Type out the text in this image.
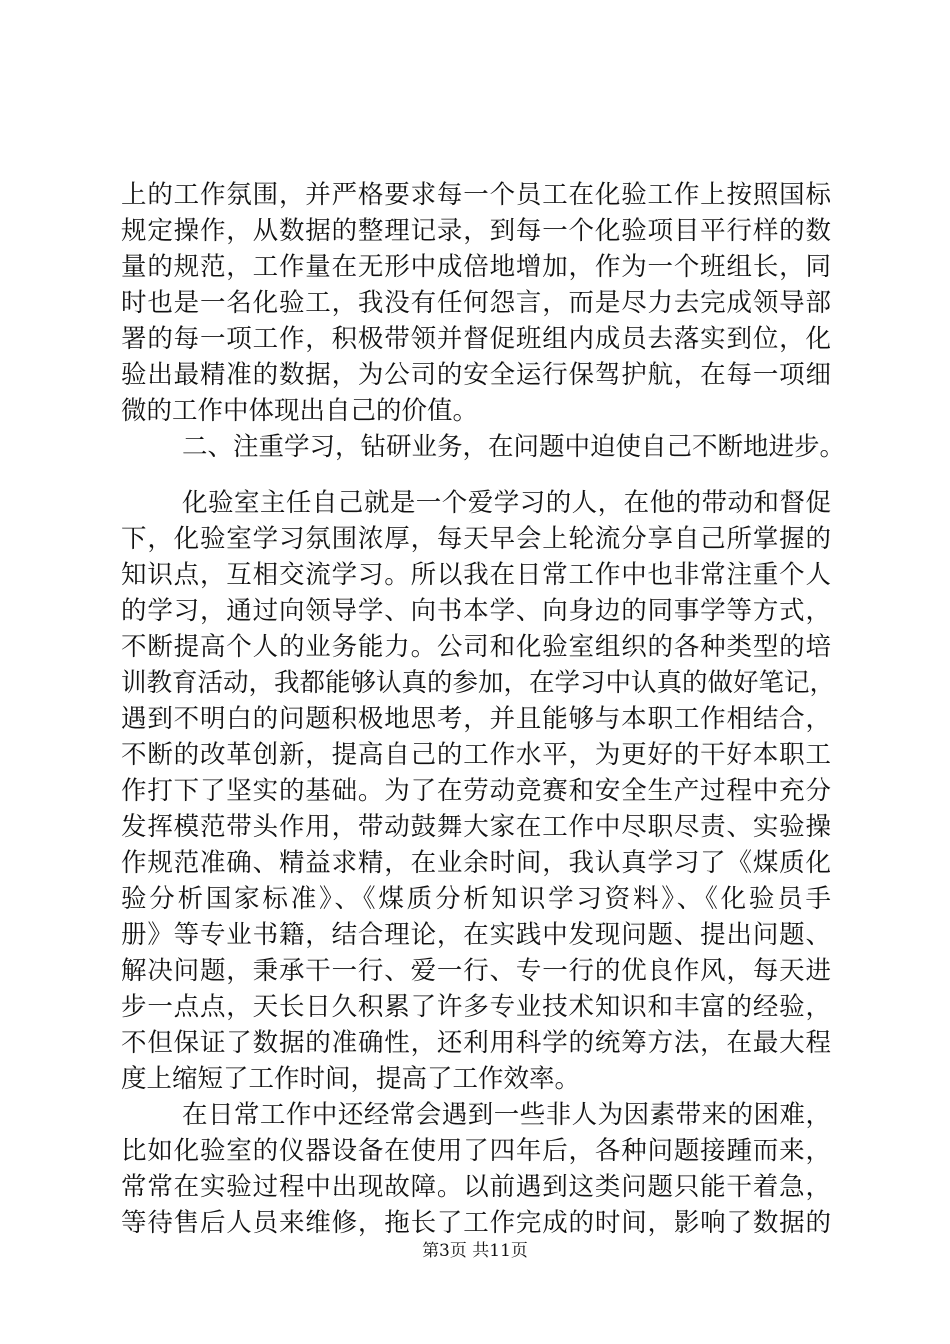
上的工作氛围，并严格要求每一个员工在化验工作上按照国标
规定操作，从数据的整理记录，到每一个化验项目平行样的数
量的规范，工作量在无形中成倍地增加，作为一个班组长，同
时也是一名化验工，我没有任何怨言，而是尽力去完成领导部
署的每一项工作，积极带领并督促班组内成员去落实到位，化
验出最精准的数据，为公司的安全运行保驾护航，在每一项细
微的工作中体现出自己的价值。
二、注重学习，钻研业务，在问题中迫使自己不断地进步。
化验室主任自己就是一个爱学习的人，在他的带动和督促
下，化验室学习氛围浓厚，每天早会上轮流分享自己所掌握的
知识点，互相交流学习。所以我在日常工作中也非常注重个人
的学习，通过向领导学、向书本学、向身边的同事学等方式，
不断提高个人的业务能力。公司和化验室组织的各种类型的培
训教育活动，我都能够认真的参加，在学习中认真的做好笔记，
遇到不明白的问题积极地思考，并且能够与本职工作相结合，
不断的改革创新，提高自己的工作水平，为更好的干好本职工
作打下了坚实的基础。为了在劳动竞赛和安全生产过程中充分
发挥模范带头作用，带动鼓舞大家在工作中尽职尽责、实验操
作规范准确、精益求精，在业余时间，我认真学习了《煤质化
验分析国家标准》、《煤质分析知识学习资料》、《化验员手
册》等专业书籍，结合理论，在实践中发现问题、提出问题、
解决问题，秉承干一行、爱一行、专一行的优良作风，每天进
步一点点，天长日久积累了许多专业技术知识和丰富的经验，
不但保证了数据的准确性，还利用科学的统筹方法，在最大程
度上缩短了工作时间，提高了工作效率。
在日常工作中还经常会遇到一些非人为因素带来的困难，
比如化验室的仪器设备在使用了四年后，各种问题接踵而来，
常常在实验过程中出现故障。以前遇到这类问题只能干着急，
等待售后人员来维修，拖长了工作完成的时间，影响了数据的
第3页 共11页
